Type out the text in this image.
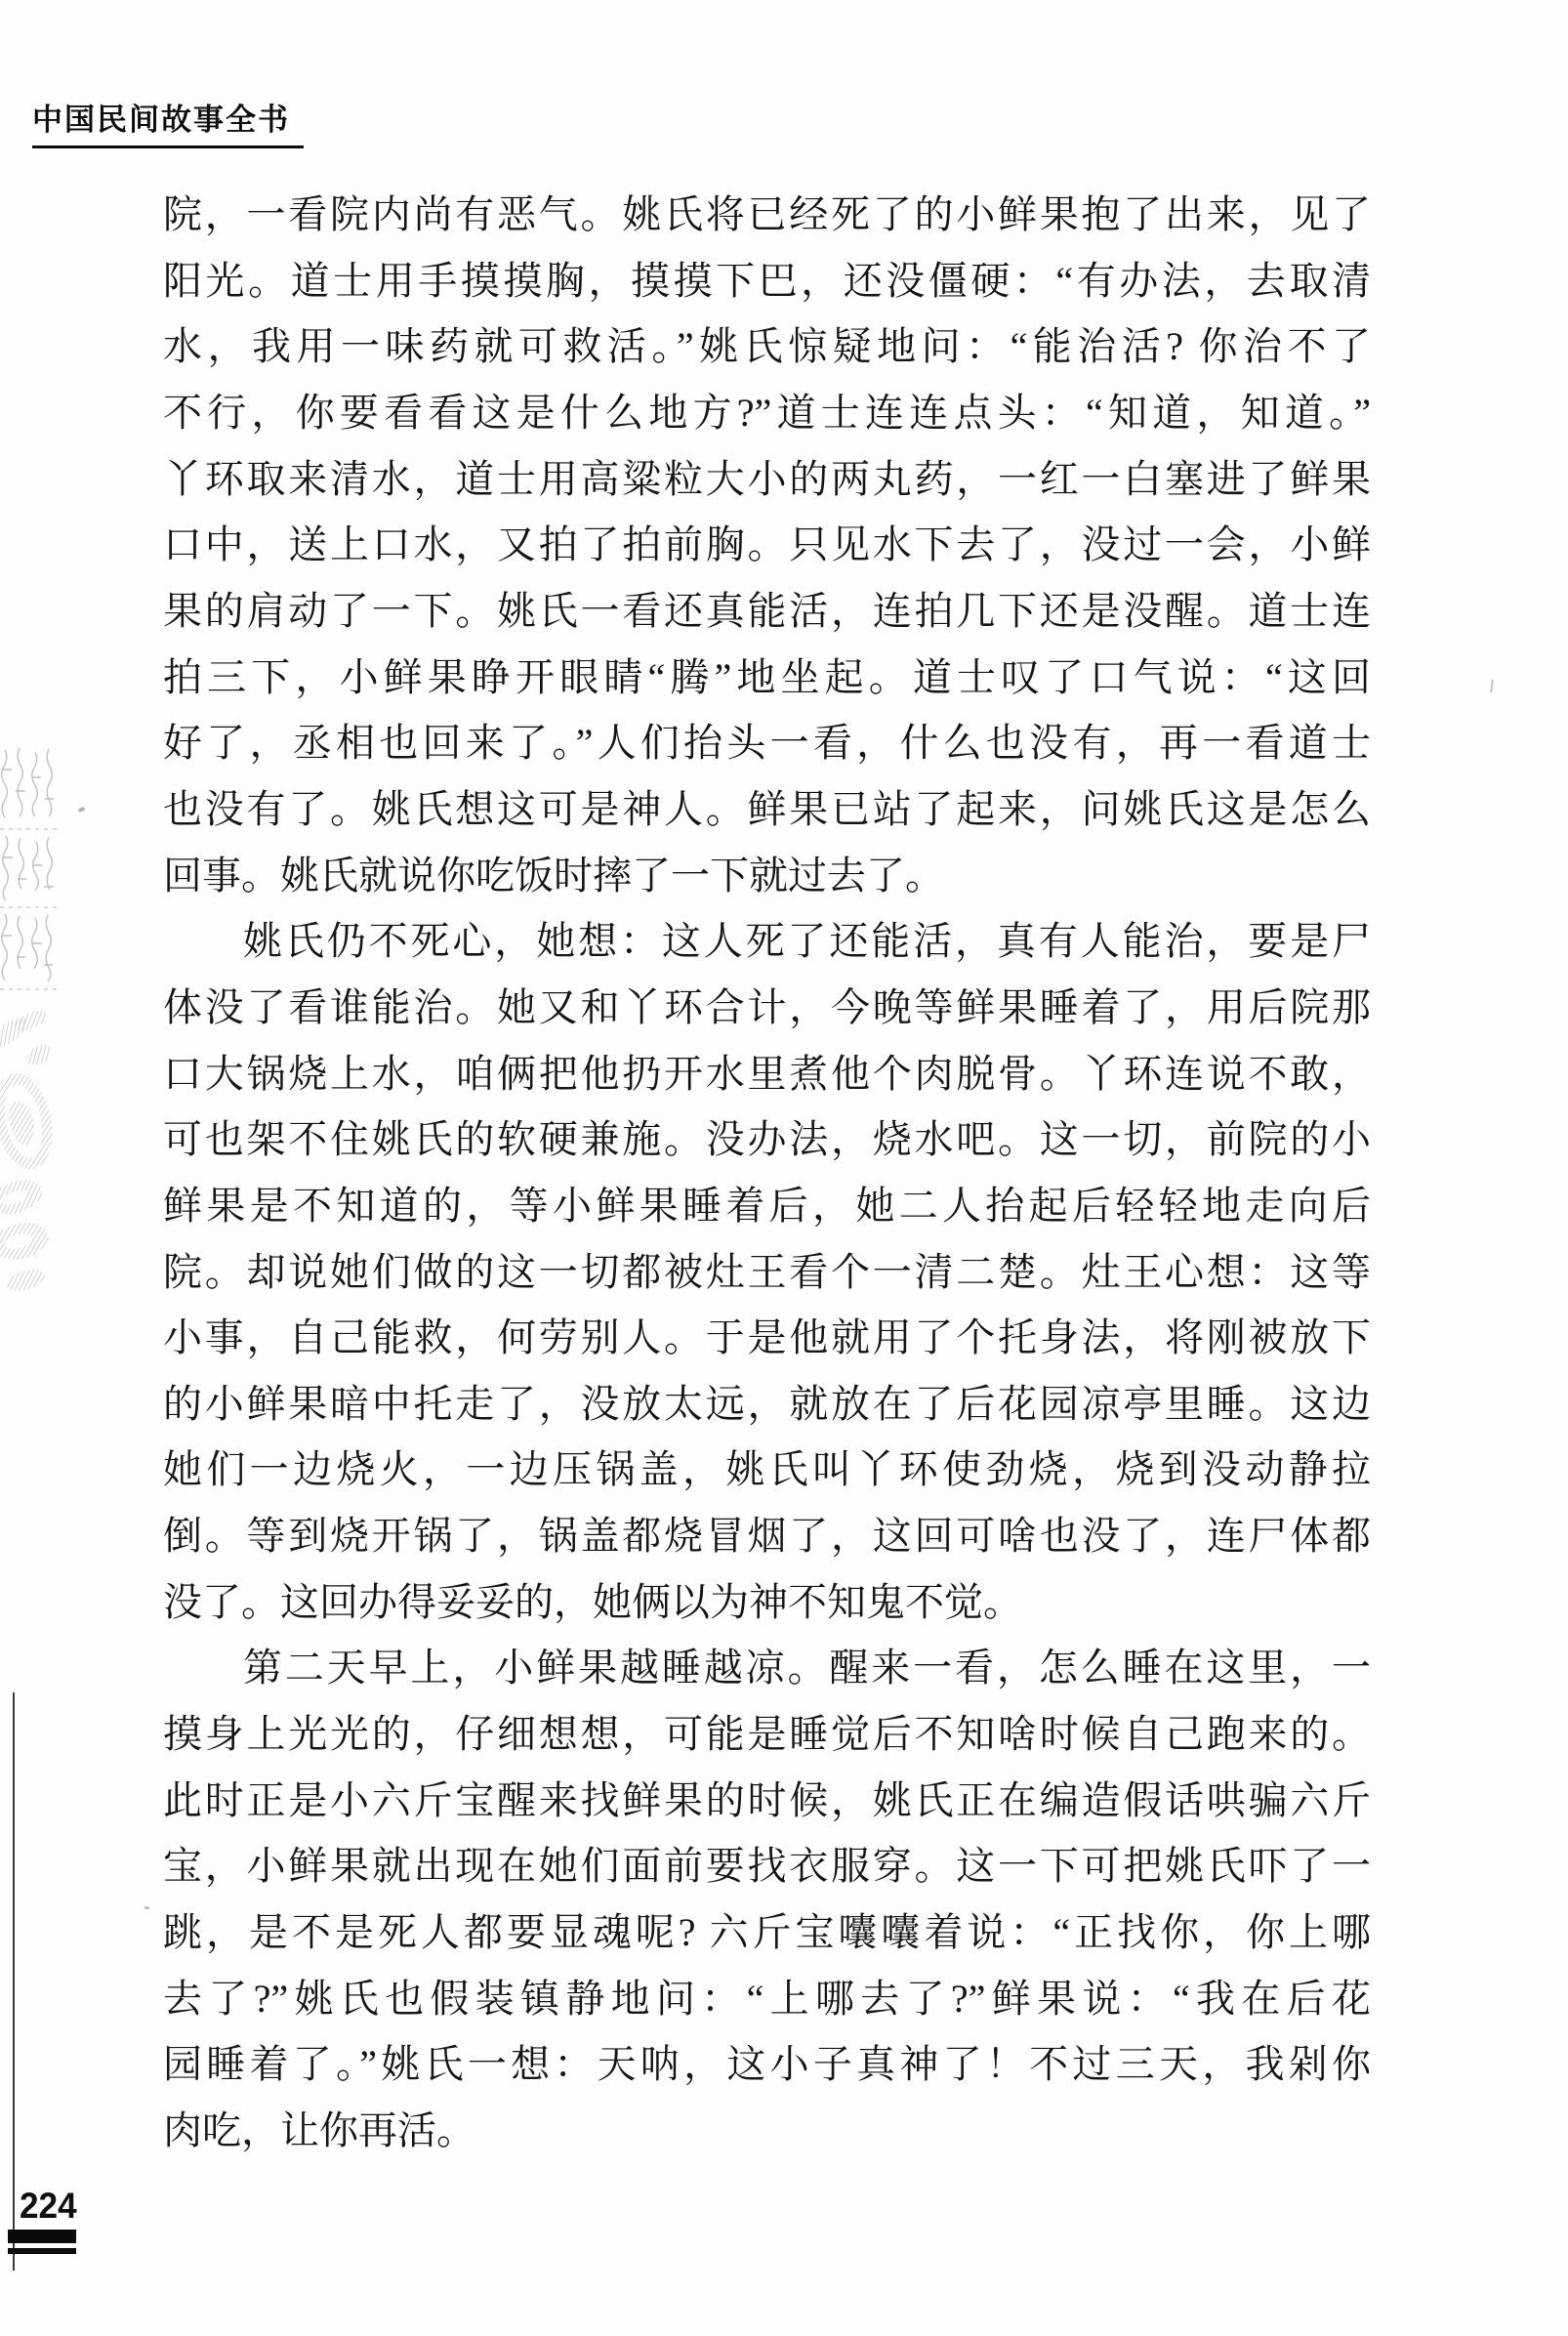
中国民间故事全书
院，一看院内尚有恶气。姚氏将已经死了的小鲜果抱了出来，见了
阳光。道士用手摸摸胸，摸摸下巴，还没僵硬：“有办法，去取清
水，我用一味药就可救活。”姚氏惊疑地问：“能治活? 你治不了
不行，你要看看这是什么地方?”道士连连点头：“知道，知道。”
丫环取来清水，道士用高粱粒大小的两丸药，一红一白塞进了鲜果
口中，送上口水，又拍了拍前胸。只见水下去了，没过一会，小鲜
果的肩动了一下。姚氏一看还真能活，连拍几下还是没醒。道士连
拍三下，小鲜果睁开眼睛“腾”地坐起。道士叹了口气说：“这回
好了，丞相也回来了。”人们抬头一看，什么也没有，再一看道士
也没有了。姚氏想这可是神人。鲜果已站了起来，问姚氏这是怎么
回事。姚氏就说你吃饭时摔了一下就过去了。
姚氏仍不死心，她想：这人死了还能活，真有人能治，要是尸
体没了看谁能治。她又和丫环合计，今晚等鲜果睡着了，用后院那
口大锅烧上水，咱俩把他扔开水里煮他个肉脱骨。丫环连说不敢，
可也架不住姚氏的软硬兼施。没办法，烧水吧。这一切，前院的小
鲜果是不知道的，等小鲜果睡着后，她二人抬起后轻轻地走向后
院。却说她们做的这一切都被灶王看个一清二楚。灶王心想：这等
小事，自己能救，何劳别人。于是他就用了个托身法，将刚被放下
的小鲜果暗中托走了，没放太远，就放在了后花园凉亭里睡。这边
她们一边烧火，一边压锅盖，姚氏叫丫环使劲烧，烧到没动静拉
倒。等到烧开锅了，锅盖都烧冒烟了，这回可啥也没了，连尸体都
没了。这回办得妥妥的，她俩以为神不知鬼不觉。
第二天早上，小鲜果越睡越凉。醒来一看，怎么睡在这里，一
摸身上光光的，仔细想想，可能是睡觉后不知啥时候自己跑来的。
此时正是小六斤宝醒来找鲜果的时候，姚氏正在编造假话哄骗六斤
宝，小鲜果就出现在她们面前要找衣服穿。这一下可把姚氏吓了一
跳，是不是死人都要显魂呢? 六斤宝囔囔着说：“正找你，你上哪
去了?”姚氏也假装镇静地问：“上哪去了?”鲜果说：“我在后花
园睡着了。”姚氏一想：天呐，这小子真神了！不过三天，我剁你
肉吃，让你再活。
224
